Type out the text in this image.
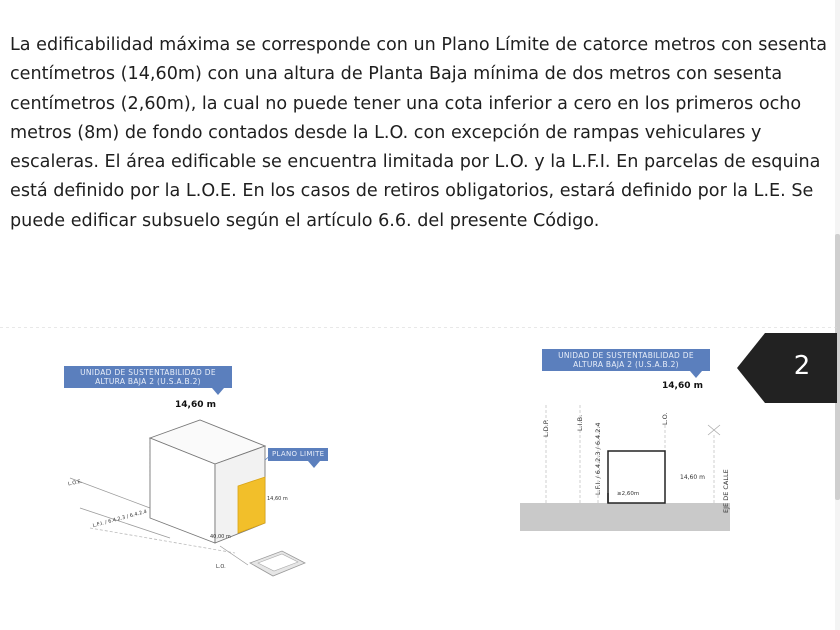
La edificabilidad máxima se corresponde con un Plano Límite de catorce metros con sesenta centímetros (14,60m) con una altura de Planta Baja mínima de dos metros con sesenta centímetros (2,60m), la cual no puede tener una cota inferior a cero en los primeros ocho metros (8m) de fondo contados desde la L.O. con excepción de rampas vehiculares y escaleras. El área edificable se encuentra limitada por L.O. y la L.F.I. En parcelas de esquina está definido por la L.O.E. En los casos de retiros obligatorios, estará definido por la L.E. Se puede edificar subsuelo según el artículo 6.6. del presente Código.

UNIDAD DE SUSTENTABILIDAD DE
ALTURA BAJA 2 (U.S.A.B.2)
14,60 m
PLANO LIMITE
L.O.E.
L.F.I. / 6.4.2.3 / 6.4.2.4
14,60 m
40,00 m
L.O.
UNIDAD DE SUSTENTABILIDAD DE
ALTURA BAJA 2 (U.S.A.B.2)
14,60 m
L.D.P.	L.I.B. L.F.I. / 6.4.2.3 / 6.4.2.4
L.O.
14,60 m
≥2,60m	EJE DE CALLE
2
